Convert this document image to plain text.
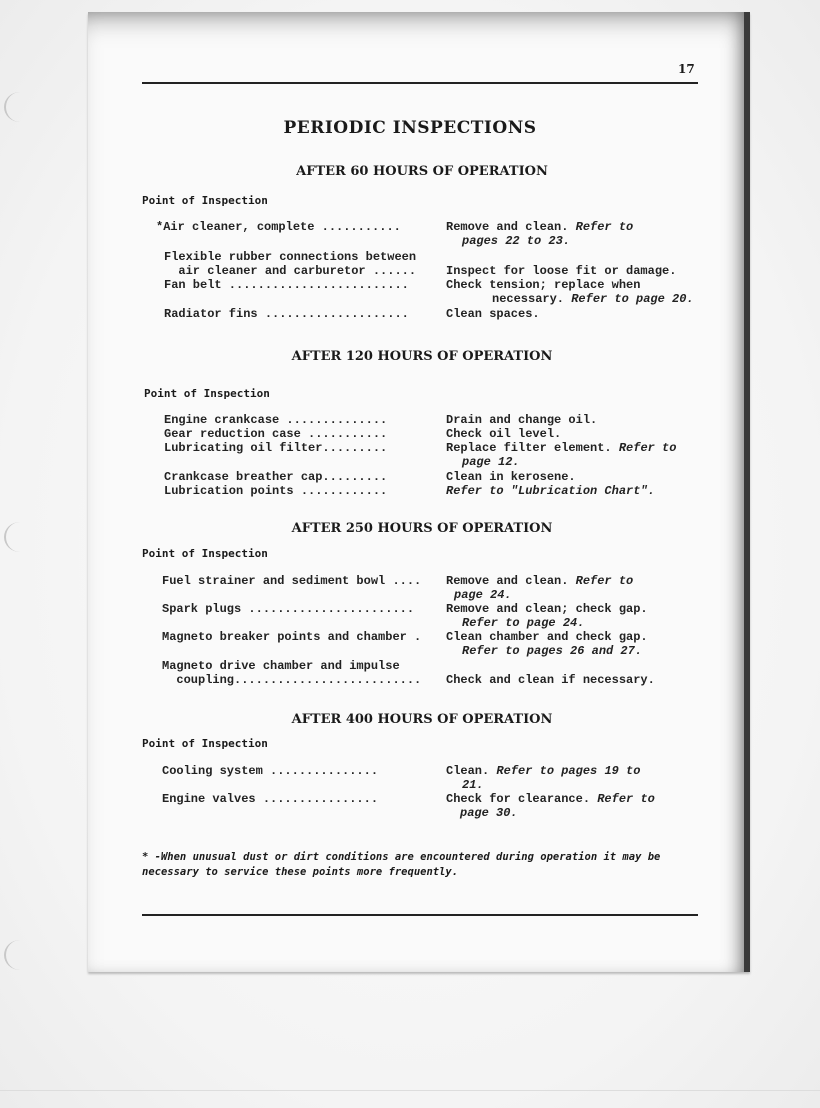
17
PERIODIC INSPECTIONS
AFTER 60 HOURS OF OPERATION
Point of Inspection
*Air cleaner, complete ...........	Remove and clean. Refer to
pages 22 to 23.
Flexible rubber connections between
air cleaner and carburetor ...... Inspect for loose fit or damage.
Fan belt .........................	Check tension; replace when
necessary. Refer to page 20.
Radiator fins ....................	Clean spaces.
AFTER 120 HOURS OF OPERATION
Point of Inspection
Engine crankcase ..............	Drain and change oil.
Gear reduction case ...........	Check oil level.
Lubricating oil filter.........	Replace filter element. Refer to
page 12.
Crankcase breather cap.........	Clean in kerosene.
Lubrication points ............	Refer to "Lubrication Chart".
AFTER 250 HOURS OF OPERATION
Point of Inspection
Fuel strainer and sediment bowl .... Remove and clean. Refer to
page 24.
Spark plugs .......................	Remove and clean; check gap.
Refer to page 24.
Magneto breaker points and chamber . Clean chamber and check gap.
Refer to pages 26 and 27.
Magneto drive chamber and impulse
coupling.......................... Check and clean if necessary.
AFTER 400 HOURS OF OPERATION
Point of Inspection
Cooling system ...............	Clean. Refer to pages 19 to
21.
Engine valves ................	Check for clearance. Refer to
page 30.
* -When unusual dust or dirt conditions are encountered during operation it may be necessary to service these points more frequently.
